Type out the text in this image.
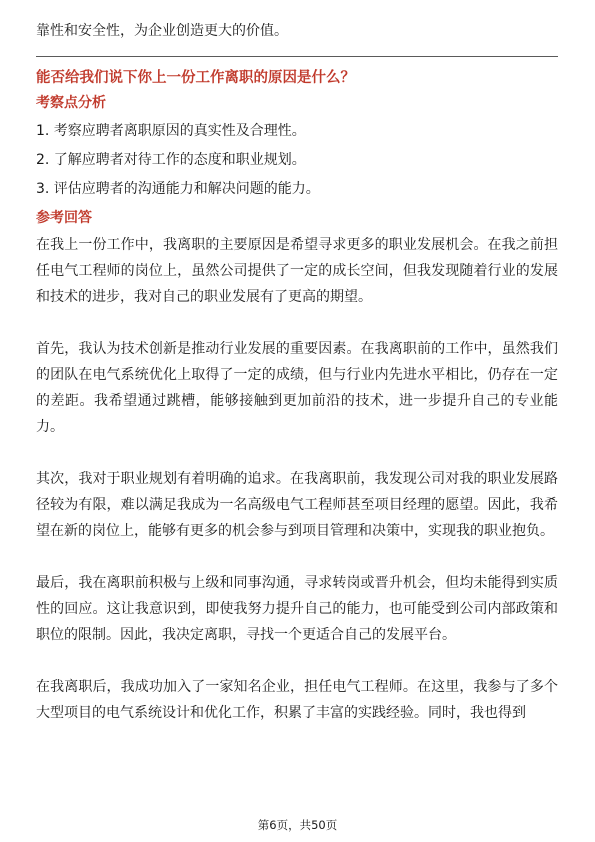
靠性和安全性，为企业创造更大的价值。

能否给我们说下你上一份工作离职的原因是什么？

考察点分析

1. 考察应聘者离职原因的真实性及合理性。
2. 了解应聘者对待工作的态度和职业规划。
3. 评估应聘者的沟通能力和解决问题的能力。

参考回答

在我上一份工作中，我离职的主要原因是希望寻求更多的职业发展机会。在我之前担任电气工程师的岗位上，虽然公司提供了一定的成长空间，但我发现随着行业的发展和技术的进步，我对自己的职业发展有了更高的期望。

首先，我认为技术创新是推动行业发展的重要因素。在我离职前的工作中，虽然我们的团队在电气系统优化上取得了一定的成绩，但与行业内先进水平相比，仍存在一定的差距。我希望通过跳槽，能够接触到更加前沿的技术，进一步提升自己的专业能力。

其次，我对于职业规划有着明确的追求。在我离职前，我发现公司对我的职业发展路径较为有限，难以满足我成为一名高级电气工程师甚至项目经理的愿望。因此，我希望在新的岗位上，能够有更多的机会参与到项目管理和决策中，实现我的职业抱负。

最后，我在离职前积极与上级和同事沟通，寻求转岗或晋升机会，但均未能得到实质性的回应。这让我意识到，即使我努力提升自己的能力，也可能受到公司内部政策和职位的限制。因此，我决定离职，寻找一个更适合自己的发展平台。

在我离职后，我成功加入了一家知名企业，担任电气工程师。在这里，我参与了多个大型项目的电气系统设计和优化工作，积累了丰富的实践经验。同时，我也得到

第6页，共50页
